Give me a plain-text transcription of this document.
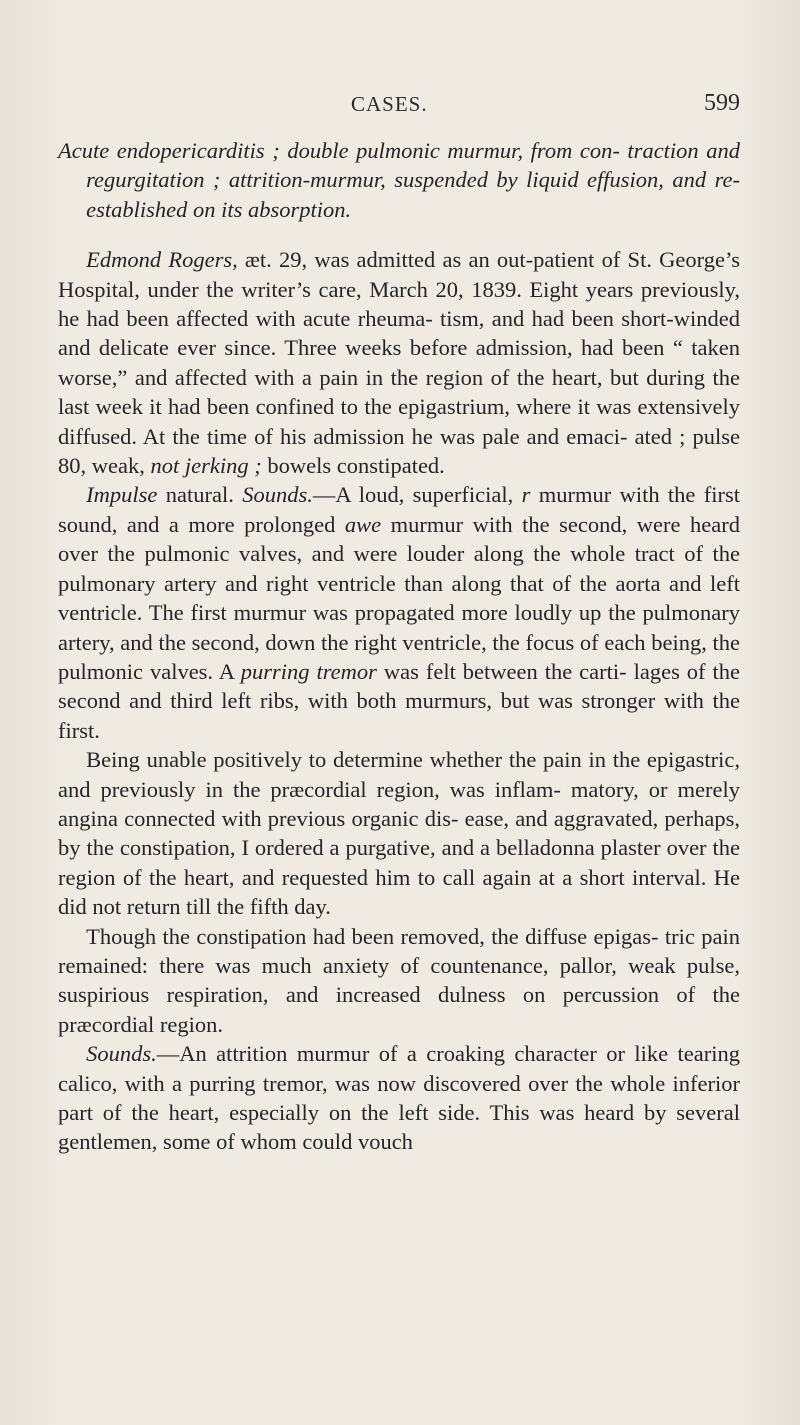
CASES.	599
Acute endopericarditis ; double pulmonic murmur, from con- traction and regurgitation ; attrition-murmur, suspended by liquid effusion, and re-established on its absorption.

Edmond Rogers, æt. 29, was admitted as an out-patient of St. George’s Hospital, under the writer’s care, March 20, 1839. Eight years previously, he had been affected with acute rheuma- tism, and had been short-winded and delicate ever since. Three weeks before admission, had been “ taken worse,” and affected with a pain in the region of the heart, but during the last week it had been confined to the epigastrium, where it was extensively diffused. At the time of his admission he was pale and emaci- ated ; pulse 80, weak, not jerking ; bowels constipated.

Impulse natural. Sounds.—A loud, superficial, r murmur with the first sound, and a more prolonged awe murmur with the second, were heard over the pulmonic valves, and were louder along the whole tract of the pulmonary artery and right ventricle than along that of the aorta and left ventricle. The first murmur was propagated more loudly up the pulmonary artery, and the second, down the right ventricle, the focus of each being, the pulmonic valves. A purring tremor was felt between the carti- lages of the second and third left ribs, with both murmurs, but was stronger with the first.

Being unable positively to determine whether the pain in the epigastric, and previously in the præcordial region, was inflam- matory, or merely angina connected with previous organic dis- ease, and aggravated, perhaps, by the constipation, I ordered a purgative, and a belladonna plaster over the region of the heart, and requested him to call again at a short interval. He did not return till the fifth day.

Though the constipation had been removed, the diffuse epigas- tric pain remained: there was much anxiety of countenance, pallor, weak pulse, suspirious respiration, and increased dulness on percussion of the præcordial region.

Sounds.—An attrition murmur of a croaking character or like tearing calico, with a purring tremor, was now discovered over the whole inferior part of the heart, especially on the left side. This was heard by several gentlemen, some of whom could vouch
